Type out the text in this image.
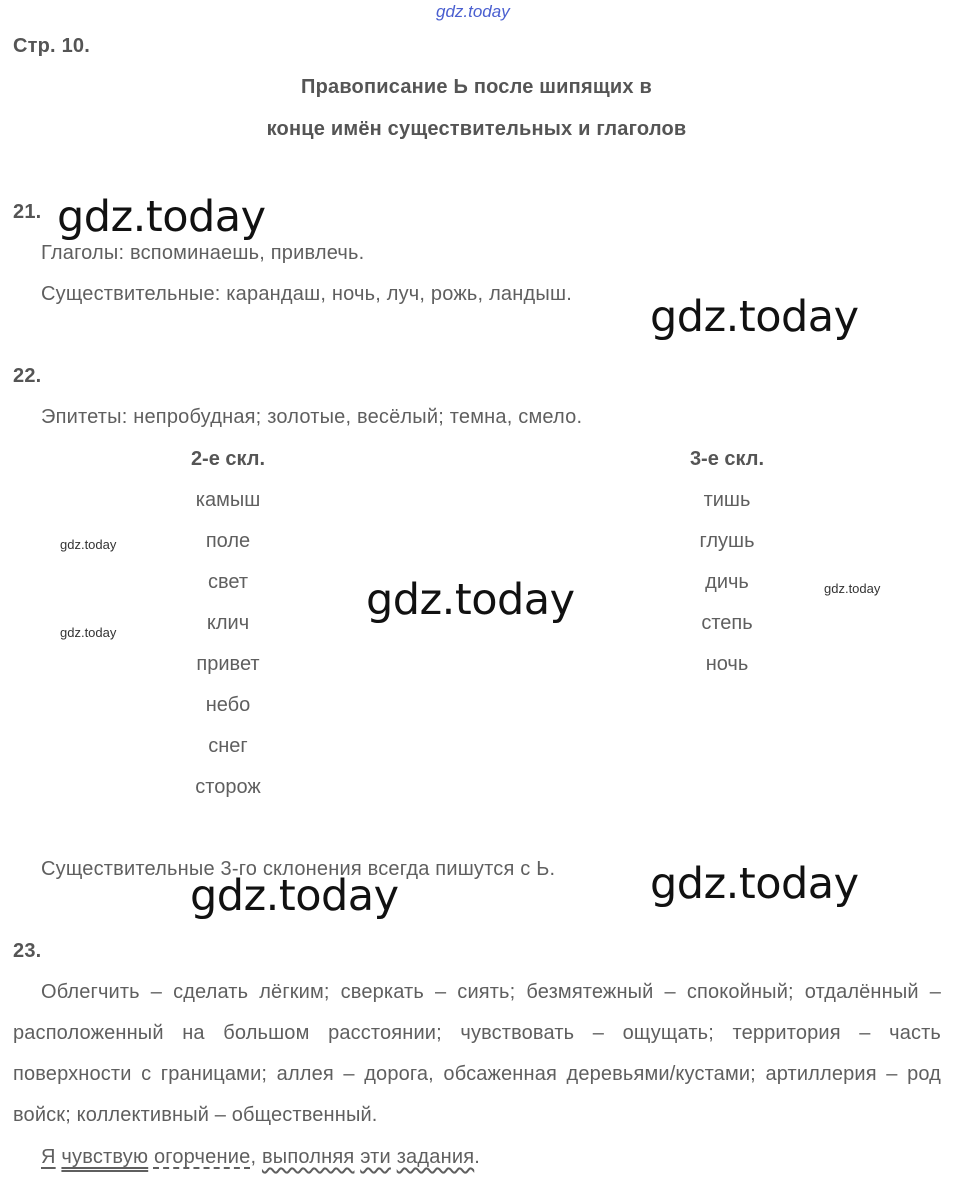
gdz.today
Стр. 10.
Правописание Ь после шипящих в
конце имён существительных и глаголов
21. gdz.today
Глаголы: вспоминаешь, привлечь.
Существительные: карандаш, ночь, луч, рожь, ландыш. gdz.today
22.
Эпитеты: непробудная; золотые, весёлый; темна, смело.
2-е скл.
камыш
поле
свет
клич
привет
небо
снег
сторож
3-е скл.
тишь
глушь
дичь
степь
ночь
gdz.today
gdz.today
gdz.today
gdz.today
Существительные 3-го склонения всегда пишутся с Ь. gdz.today
gdz.today
23.
Облегчить – сделать лёгким; сверкать – сиять; безмятежный – спокойный; отдалённый – расположенный на большом расстоянии; чувствовать – ощущать; территория – часть поверхности с границами; аллея – дорога, обсаженная деревьями/кустами; артиллерия – род войск; коллективный – общественный.
Я чувствую огорчение, выполняя эти задания.
